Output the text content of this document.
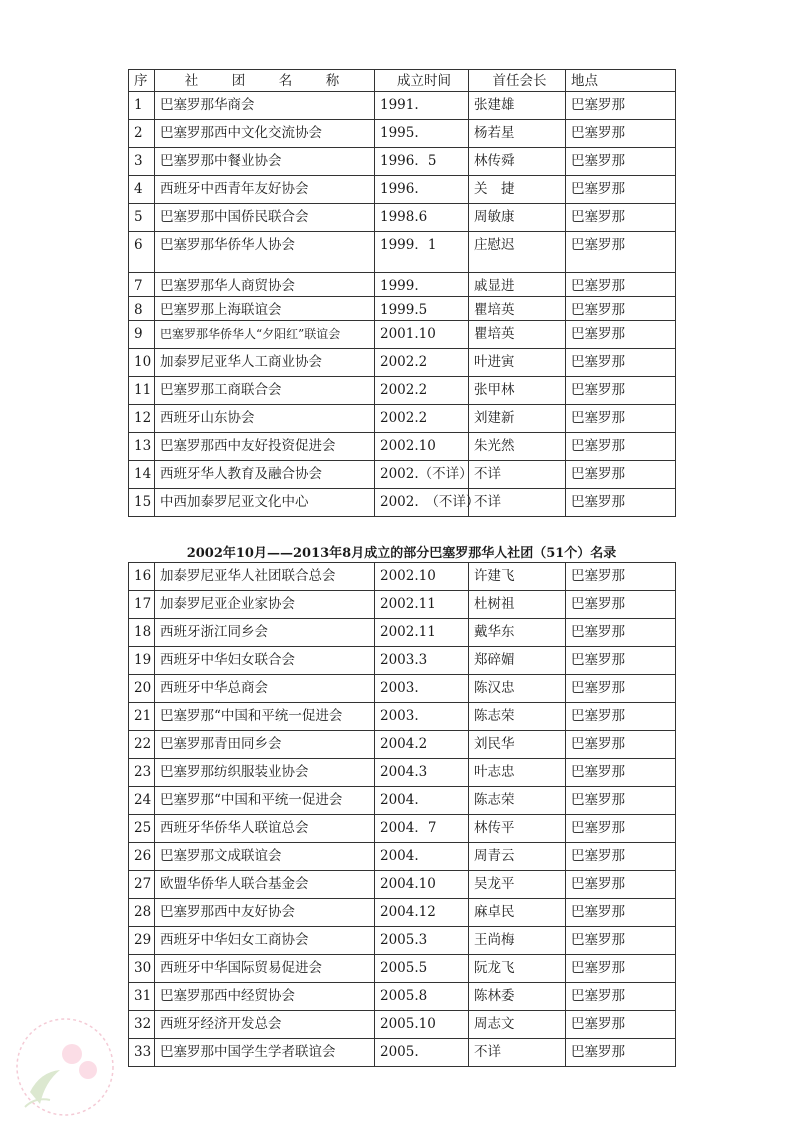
序	社　团　名　称	成立时间	首任会长	地点
1	巴塞罗那华商会	1991.	张建雄	巴塞罗那
2	巴塞罗那西中文化交流协会	1995.	杨若星	巴塞罗那
3	巴塞罗那中餐业协会	1996．5	林传舜	巴塞罗那
4	西班牙中西青年友好协会	1996.	关　捷	巴塞罗那
5	巴塞罗那中国侨民联合会	1998.6	周敏康	巴塞罗那
6	巴塞罗那华侨华人协会	1999．1	庄慰迟	巴塞罗那
7	巴塞罗那华人商贸协会	1999.	戚显进	巴塞罗那
8	巴塞罗那上海联谊会	1999.5	瞿培英	巴塞罗那
9	巴塞罗那华侨华人“夕阳红”联谊会	2001.10	瞿培英	巴塞罗那
10	加泰罗尼亚华人工商业协会	2002.2	叶进寅	巴塞罗那
11	巴塞罗那工商联合会	2002.2	张甲林	巴塞罗那
12	西班牙山东协会	2002.2	刘建新	巴塞罗那
13	巴塞罗那西中友好投资促进会	2002.10	朱光然	巴塞罗那
14	西班牙华人教育及融合协会	2002.（不详）	不详	巴塞罗那
15	中西加泰罗尼亚文化中心	2002.　（不详）	不详	巴塞罗那
2002年10月——2013年8月成立的部分巴塞罗那华人社团（51个）名录
16	加泰罗尼亚华人社团联合总会	2002.10	许建飞	巴塞罗那
17	加泰罗尼亚企业家协会	2002.11	杜树祖	巴塞罗那
18	西班牙浙江同乡会	2002.11	戴华东	巴塞罗那
19	西班牙中华妇女联合会	2003.3	郑碎媚	巴塞罗那
20	西班牙中华总商会	2003.	陈汉忠	巴塞罗那
21	巴塞罗那“中国和平统一促进会	2003.	陈志荣	巴塞罗那
22	巴塞罗那青田同乡会	2004.2	刘民华	巴塞罗那
23	巴塞罗那纺织服装业协会	2004.3	叶志忠	巴塞罗那
24	巴塞罗那“中国和平统一促进会	2004.	陈志荣	巴塞罗那
25	西班牙华侨华人联谊总会	2004．7	林传平	巴塞罗那
26	巴塞罗那文成联谊会	2004.	周青云	巴塞罗那
27	欧盟华侨华人联合基金会	2004.10	吴龙平	巴塞罗那
28	巴塞罗那西中友好协会	2004.12	麻卓民	巴塞罗那
29	西班牙中华妇女工商协会	2005.3	王尚梅	巴塞罗那
30	西班牙中华国际贸易促进会	2005.5	阮龙飞	巴塞罗那
31	巴塞罗那西中经贸协会	2005.8	陈林委	巴塞罗那
32	西班牙经济开发总会	2005.10	周志文	巴塞罗那
33	巴塞罗那中国学生学者联谊会	2005.	不详	巴塞罗那
